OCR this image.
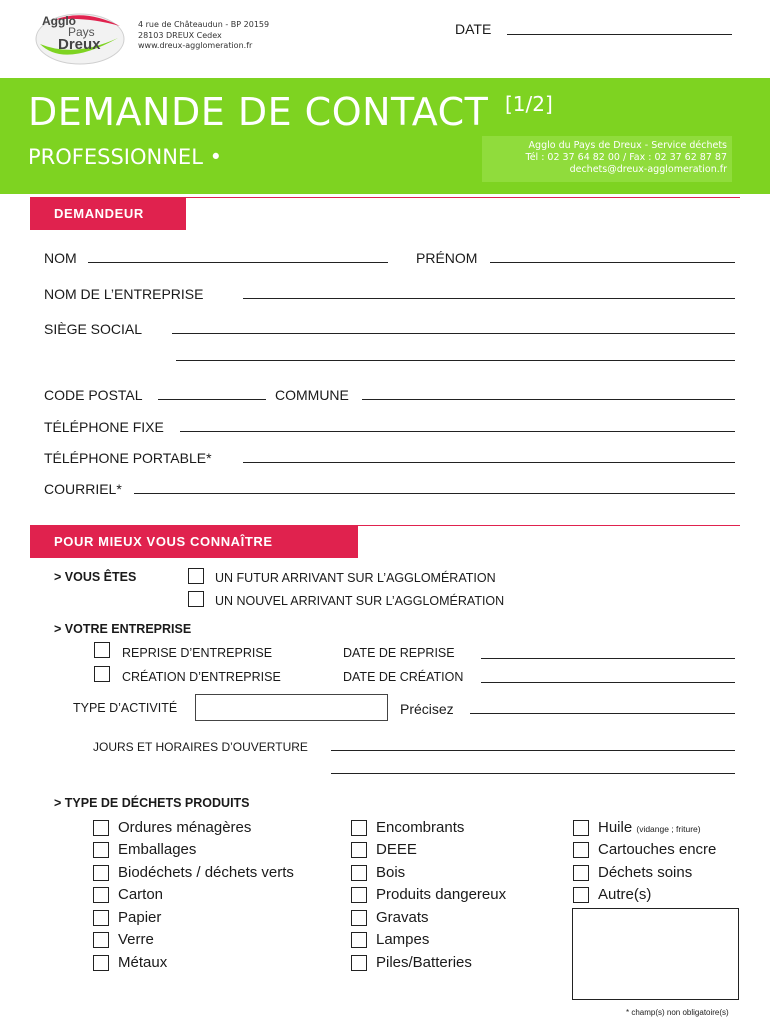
Agglo
Pays
Dreux
4 rue de Châteaudun - BP 20159
28103 DREUX Cedex
www.dreux-agglomeration.fr
DATE
DEMANDE DE CONTACT [1/2]
PROFESSIONNEL •	Agglo du Pays de Dreux - Service déchets
Tél : 02 37 64 82 00 / Fax : 02 37 62 87 87
dechets@dreux-agglomeration.fr
DEMANDEUR
NOM	PRÉNOM
NOM DE L’ENTREPRISE
SIÈGE SOCIAL
CODE POSTAL	COMMUNE
TÉLÉPHONE FIXE
TÉLÉPHONE PORTABLE*
COURRIEL*
POUR MIEUX VOUS CONNAÎTRE
> VOUS ÊTES	UN FUTUR ARRIVANT SUR L’AGGLOMÉRATION
UN NOUVEL ARRIVANT SUR L’AGGLOMÉRATION
> VOTRE ENTREPRISE
REPRISE D’ENTREPRISE	DATE DE REPRISE
CRÉATION D’ENTREPRISE	DATE DE CRÉATION
TYPE D’ACTIVITÉ	Précisez
JOURS ET HORAIRES D’OUVERTURE
> TYPE DE DÉCHETS PRODUITS
Ordures ménagères
Emballages
Biodéchets / déchets verts
Carton
Papier
Verre
Métaux
Encombrants
DEEE
Bois
Produits dangereux
Gravats
Lampes
Piles/Batteries
Huile (vidange ; friture)
Cartouches encre
Déchets soins
Autre(s)
* champ(s) non obligatoire(s)
